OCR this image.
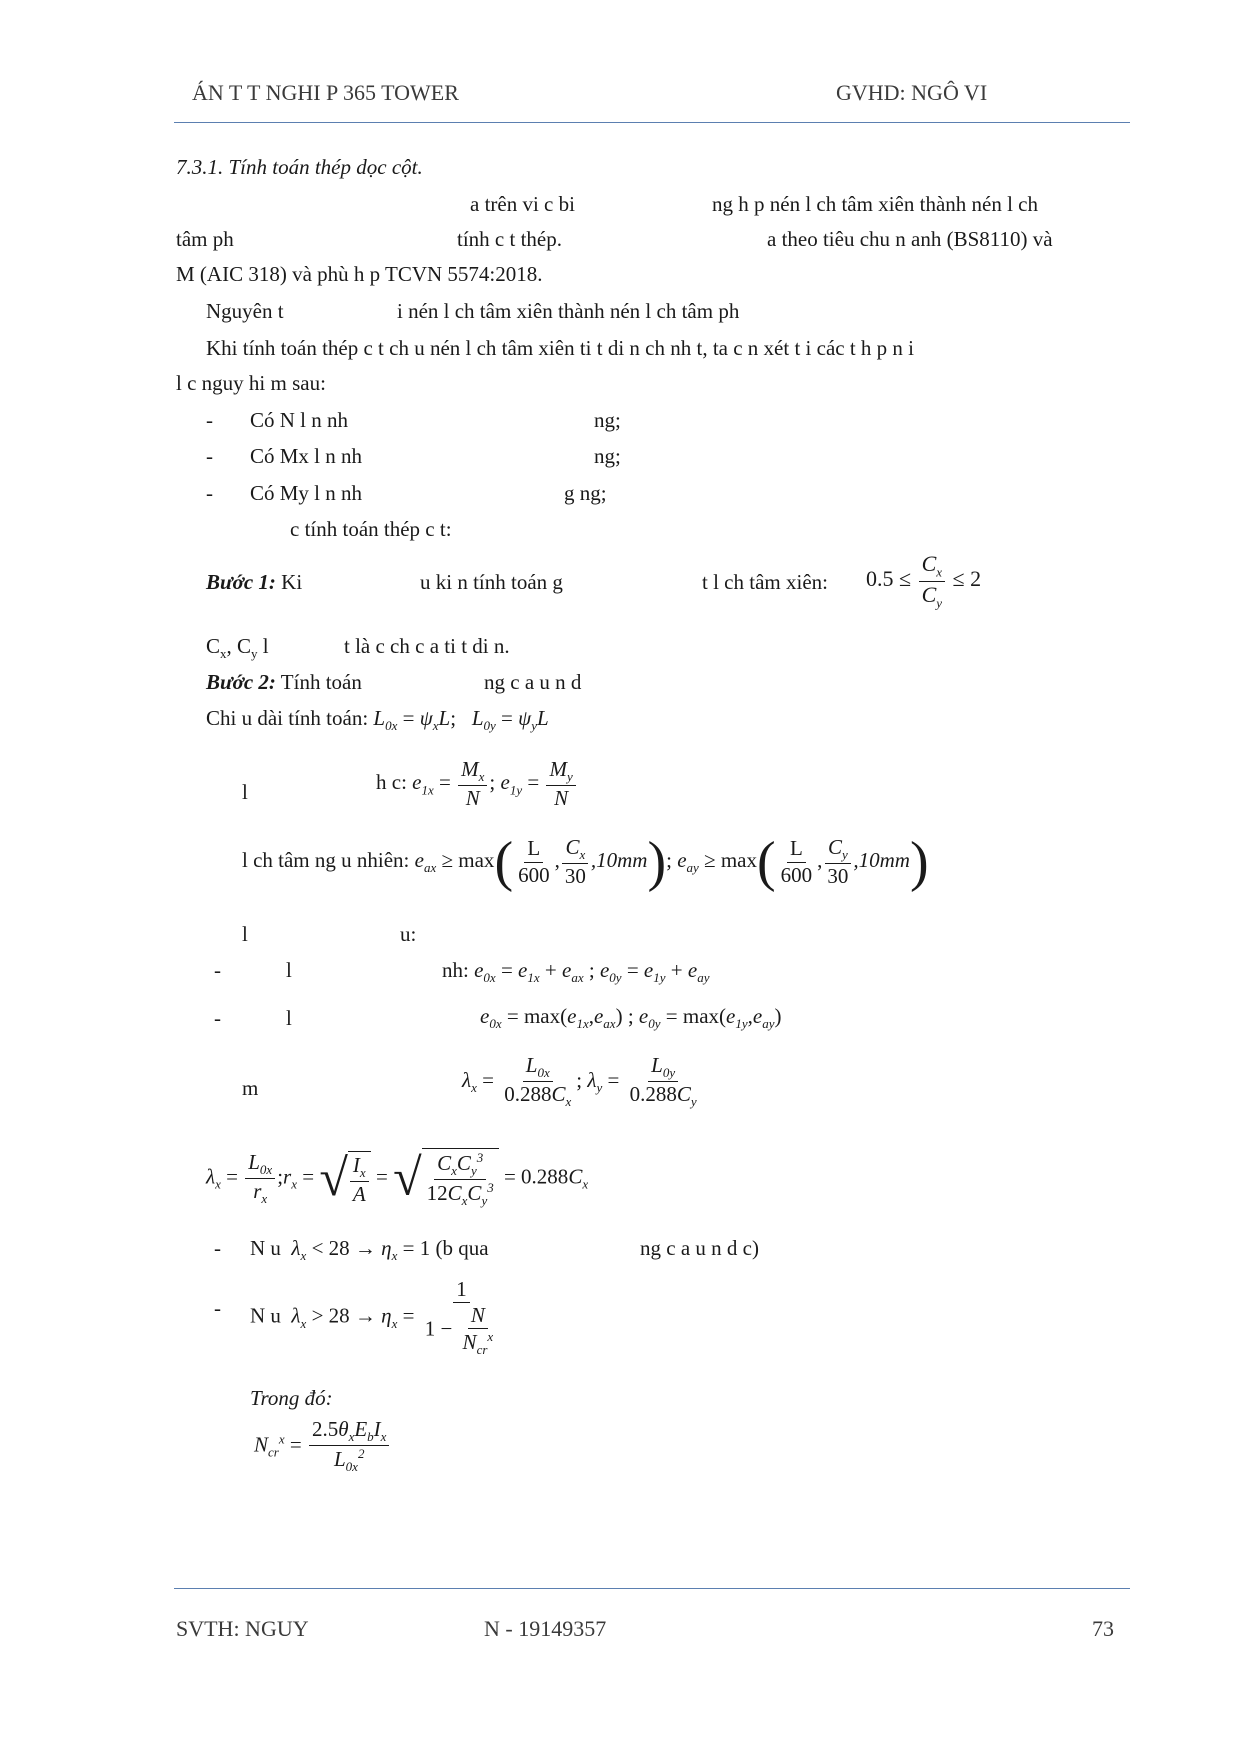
ÁN T T NGHI P 365 TOWER	GVHD: NGÔ VI
7.3.1. Tính toán thép dọc cột.
a trên vi c bi	ng h p nén l ch tâm xiên thành nén l ch
tâm ph	tính c t thép.	a theo tiêu chu n anh (BS8110) và
M (AIC 318) và phù h p TCVN 5574:2018.
Nguyên t	i nén l ch tâm xiên thành nén l ch tâm ph
Khi tính toán thép c t ch u nén l ch tâm xiên ti t di n ch nh t, ta c n xét t i các t h p n i
l c nguy hi m sau:
- Có N l n nh	ng;
- Có Mx l n nh	ng;
- Có My l n nh	g ng;
c tính toán thép c t:
Bước 1: Ki	u ki n tính toán g	t l ch tâm xiên: $0.5 \le \frac{C_x}{C_y} \le 2$
$C_x$, $C_y$ l	t là c ch c a ti t di n.
Bước 2: Tính toán	ng c a u n d
Chi u dài tính toán: $L_{0x} = \psi_xL$;   $L_{0y} = \psi_yL$
l	h c: $e_{1x} = \frac{M_x}{N}$ ; $e_{1y} = \frac{M_y}{N}$
l ch tâm ng u nhiên: $e_{ax} \ge \max( \frac{L}{600}$ , $\frac{C_x}{30} ,10mm$); $e_{ay} \ge \max( \frac{L}{600}$ , $\frac{C_y}{30} ,10mm$)
l	u:
-	l	nh: $e_{0x} = e_{1x} + e_{ax}$ ; $e_{0y} = e_{1y} + e_{ay}$
-	l	$e_{0x} = \max(e_{1x},e_{ax})$ ; $e_{0y} = \max(e_{1y},e_{ay})$
m	$\lambda_x = \frac{L_{0x}}{0.288C_x}$ ; $\lambda_y = \frac{L_{0y}}{0.288C_y}$
$\lambda_x = \frac{L_{0x}}{r_x}$ $;r_x$ = √ $\frac{I_x}{A}$ = √ $\frac{C_xC_y^3}{12C_xC_y^3} = 0.288C_x$
- N u  $\lambda_x < 28 \to \eta_x = 1$ (b qua	ng c a u n d c)
- N u  $\lambda_x > 28 \to \eta_x = \frac{1}{1 - \frac{N}{N_{cr}^x}}$
Trong đó:
$N_{cr}^x = \frac{2.5\theta_xE_bI_x}{L_{0x}^2}$
SVTH: NGUY	N - 19149357	73
